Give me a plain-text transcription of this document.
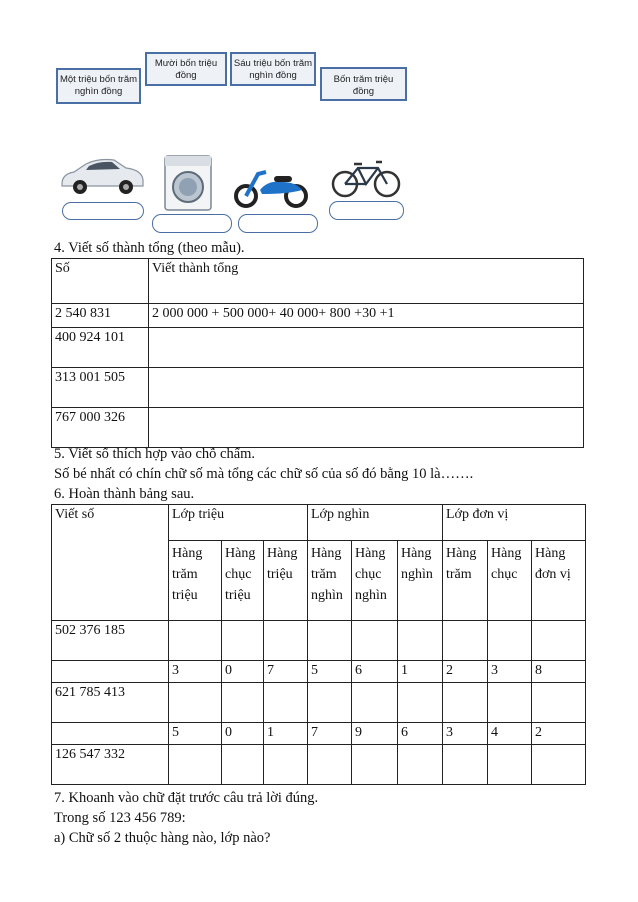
Một triệu bốn trăm nghìn đồng
Mười bốn triệu đồng
Sáu triệu bốn trăm nghìn đồng	Bốn trăm triệu đồng
4. Viết số thành tổng (theo mẫu).
Số	Viết thành tổng
2 540 831	2 000 000 + 500 000+ 40 000+ 800 +30 +1
400 924 101	
313 001 505	
767 000 326	
5. Viết số thích hợp vào chỗ chấm.
Số bé nhất có chín chữ số mà tổng các chữ số của số đó bằng 10 là…….
6. Hoàn thành bảng sau.
Viết số	Lớp triệu			Lớp nghìn			Lớp đơn vị		
	Hàng trăm triệu	Hàng chục triệu	Hàng triệu	Hàng trăm nghìn	Hàng chục nghìn	Hàng nghìn	Hàng trăm	Hàng chục	Hàng đơn vị
502 376 185									
	3	0	7	5	6	1	2	3	8
621 785 413									
	5	0	1	7	9	6	3	4	2
126 547 332									
7. Khoanh vào chữ đặt trước câu trả lời đúng.
Trong số 123 456 789:
a) Chữ số 2 thuộc hàng nào, lớp nào?
